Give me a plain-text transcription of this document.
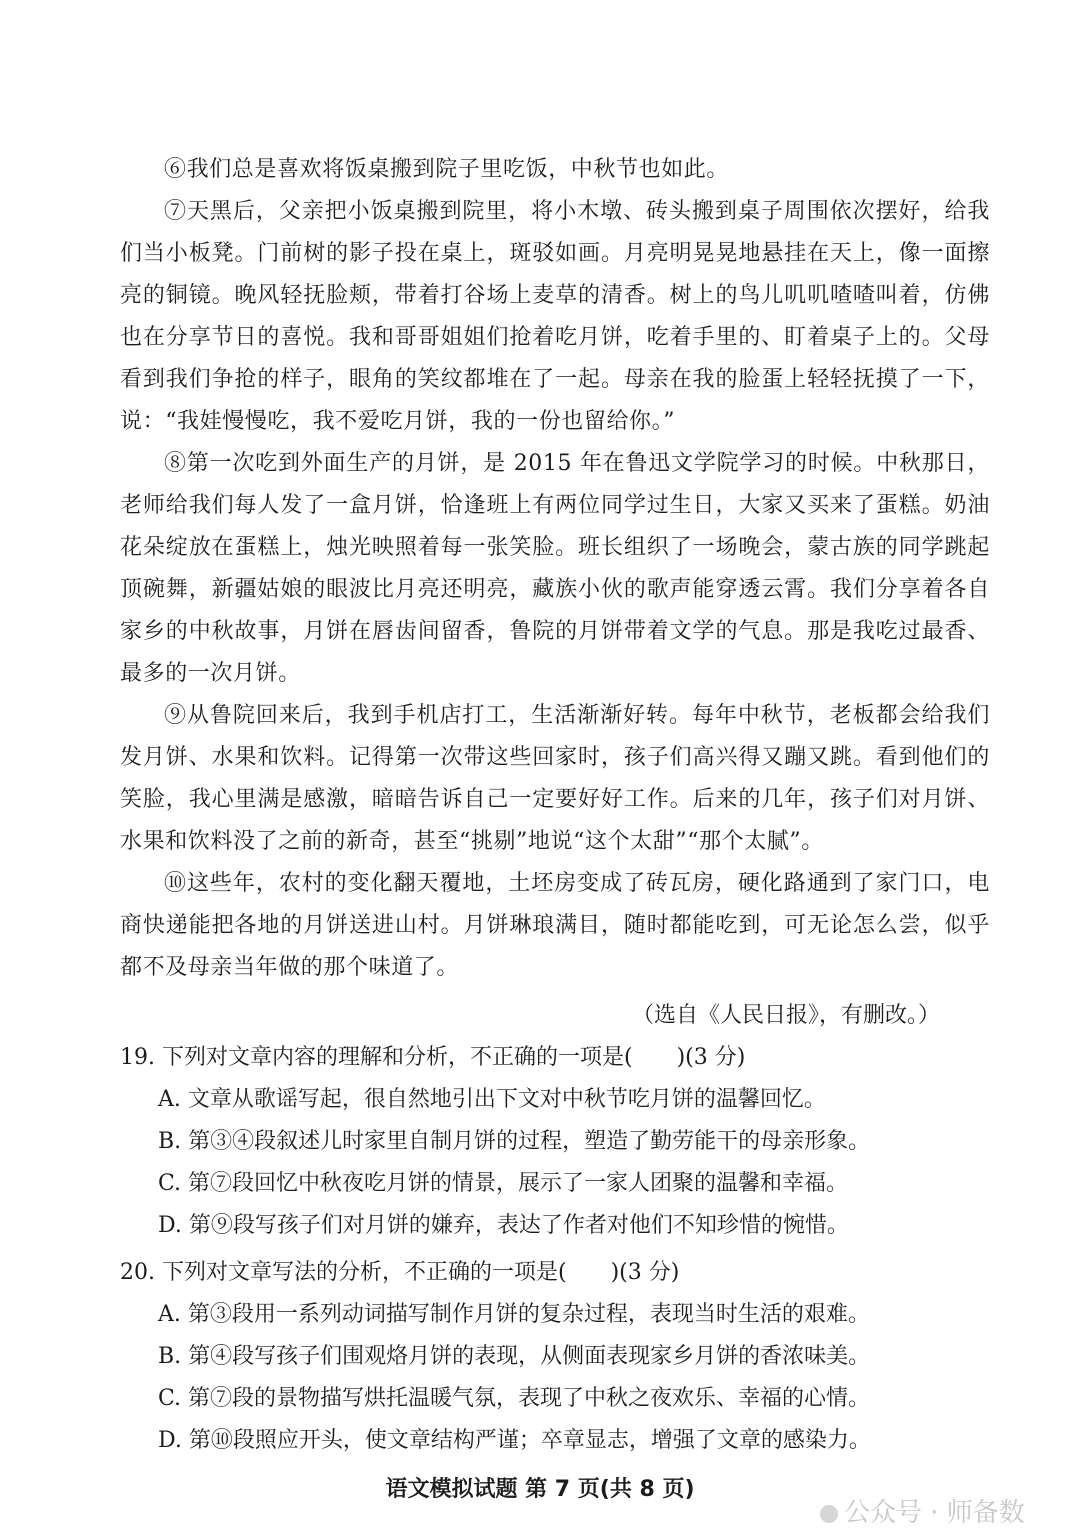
⑥我们总是喜欢将饭桌搬到院子里吃饭，中秋节也如此。

⑦天黑后，父亲把小饭桌搬到院里，将小木墩、砖头搬到桌子周围依次摆好，给我们当小板凳。门前树的影子投在桌上，斑驳如画。月亮明晃晃地悬挂在天上，像一面擦亮的铜镜。晚风轻抚脸颊，带着打谷场上麦草的清香。树上的鸟儿叽叽喳喳叫着，仿佛也在分享节日的喜悦。我和哥哥姐姐们抢着吃月饼，吃着手里的、盯着桌子上的。父母看到我们争抢的样子，眼角的笑纹都堆在了一起。母亲在我的脸蛋上轻轻抚摸了一下，说：“我娃慢慢吃，我不爱吃月饼，我的一份也留给你。”

⑧第一次吃到外面生产的月饼，是 2015 年在鲁迅文学院学习的时候。中秋那日，老师给我们每人发了一盒月饼，恰逢班上有两位同学过生日，大家又买来了蛋糕。奶油花朵绽放在蛋糕上，烛光映照着每一张笑脸。班长组织了一场晚会，蒙古族的同学跳起顶碗舞，新疆姑娘的眼波比月亮还明亮，藏族小伙的歌声能穿透云霄。我们分享着各自家乡的中秋故事，月饼在唇齿间留香，鲁院的月饼带着文学的气息。那是我吃过最香、最多的一次月饼。

⑨从鲁院回来后，我到手机店打工，生活渐渐好转。每年中秋节，老板都会给我们发月饼、水果和饮料。记得第一次带这些回家时，孩子们高兴得又蹦又跳。看到他们的笑脸，我心里满是感激，暗暗告诉自己一定要好好工作。后来的几年，孩子们对月饼、水果和饮料没了之前的新奇，甚至“挑剔”地说“这个太甜”“那个太腻”。

⑩这些年，农村的变化翻天覆地，土坯房变成了砖瓦房，硬化路通到了家门口，电商快递能把各地的月饼送进山村。月饼琳琅满目，随时都能吃到，可无论怎么尝，似乎都不及母亲当年做的那个味道了。

（选自《人民日报》，有删改。）

19. 下列对文章内容的理解和分析，不正确的一项是(　　)(3 分)

A. 文章从歌谣写起，很自然地引出下文对中秋节吃月饼的温馨回忆。

B. 第③④段叙述儿时家里自制月饼的过程，塑造了勤劳能干的母亲形象。

C. 第⑦段回忆中秋夜吃月饼的情景，展示了一家人团聚的温馨和幸福。

D. 第⑨段写孩子们对月饼的嫌弃，表达了作者对他们不知珍惜的惋惜。

20. 下列对文章写法的分析，不正确的一项是(　　)(3 分)

A. 第③段用一系列动词描写制作月饼的复杂过程，表现当时生活的艰难。

B. 第④段写孩子们围观烙月饼的表现，从侧面表现家乡月饼的香浓味美。

C. 第⑦段的景物描写烘托温暖气氛，表现了中秋之夜欢乐、幸福的心情。

D. 第⑩段照应开头，使文章结构严谨；卒章显志，增强了文章的感染力。

语文模拟试题 第 7 页(共 8 页)
公众号 · 师备数
